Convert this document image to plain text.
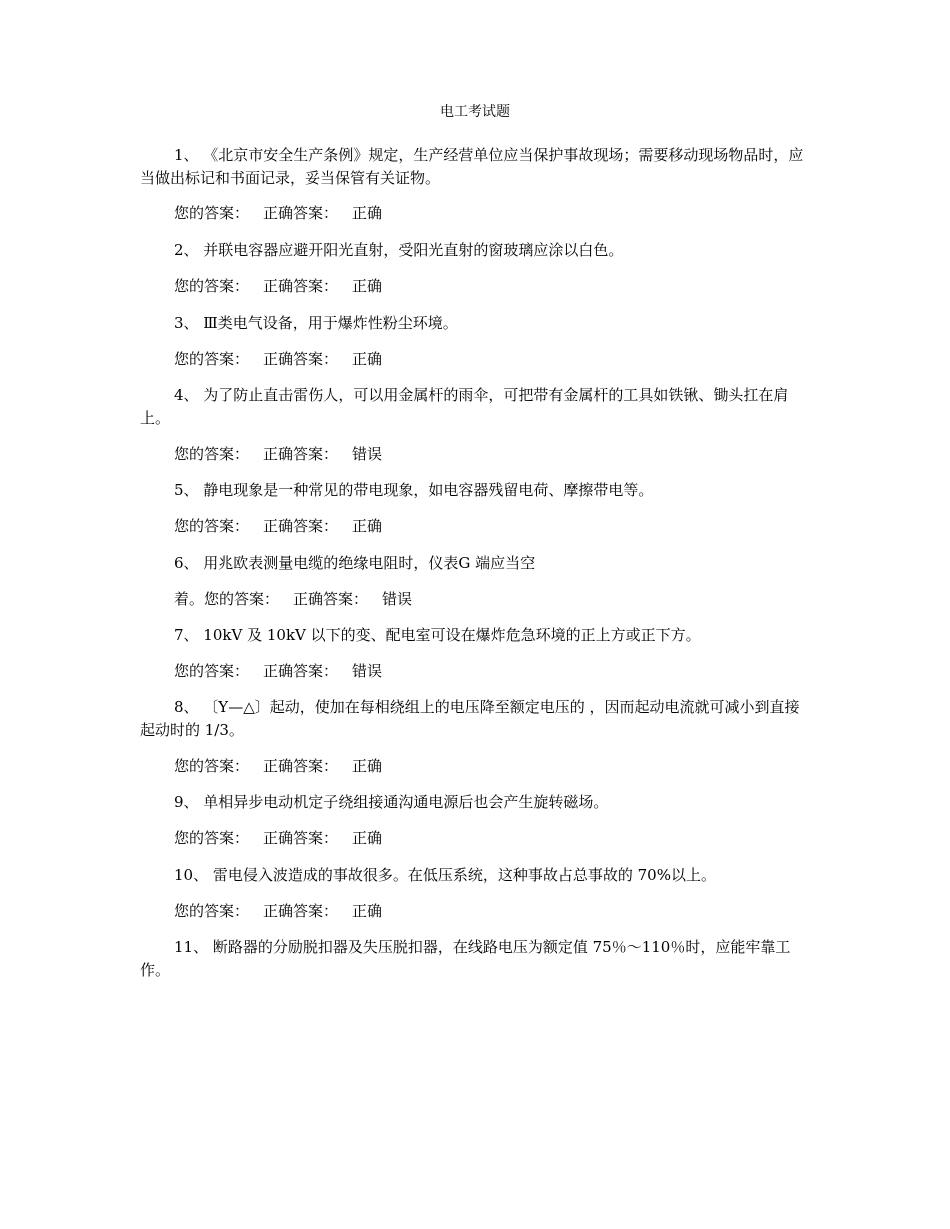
电工考试题

1、 《北京市安全生产条例》规定，生产经营单位应当保护事故现场；需要移动现场物品时，应当做出标记和书面记录，妥当保管有关证物。

您的答案： 正确答案： 正确

2、 并联电容器应避开阳光直射，受阳光直射的窗玻璃应涂以白色。

您的答案： 正确答案： 正确

3、 Ⅲ类电气设备，用于爆炸性粉尘环境。

您的答案： 正确答案： 正确

4、 为了防止直击雷伤人，可以用金属杆的雨伞，可把带有金属杆的工具如铁锹、锄头扛在肩上。

您的答案： 正确答案： 错误

5、 静电现象是一种常见的带电现象，如电容器残留电荷、摩擦带电等。

您的答案： 正确答案： 正确

6、 用兆欧表测量电缆的绝缘电阻时，仪表G 端应当空

着。您的答案： 正确答案： 错误

7、 10kV 及 10kV 以下的变、配电室可设在爆炸危急环境的正上方或正下方。

您的答案： 正确答案： 错误

8、 〔Y—△〕起动，使加在每相绕组上的电压降至额定电压的 ，因而起动电流就可减小到直接起动时的 1/3。

您的答案： 正确答案： 正确

9、 单相异步电动机定子绕组接通沟通电源后也会产生旋转磁场。

您的答案： 正确答案： 正确

10、 雷电侵入波造成的事故很多。在低压系统，这种事故占总事故的 70%以上。

您的答案： 正确答案： 正确

11、 断路器的分励脱扣器及失压脱扣器，在线路电压为额定值 75％～110％时，应能牢靠工作。
